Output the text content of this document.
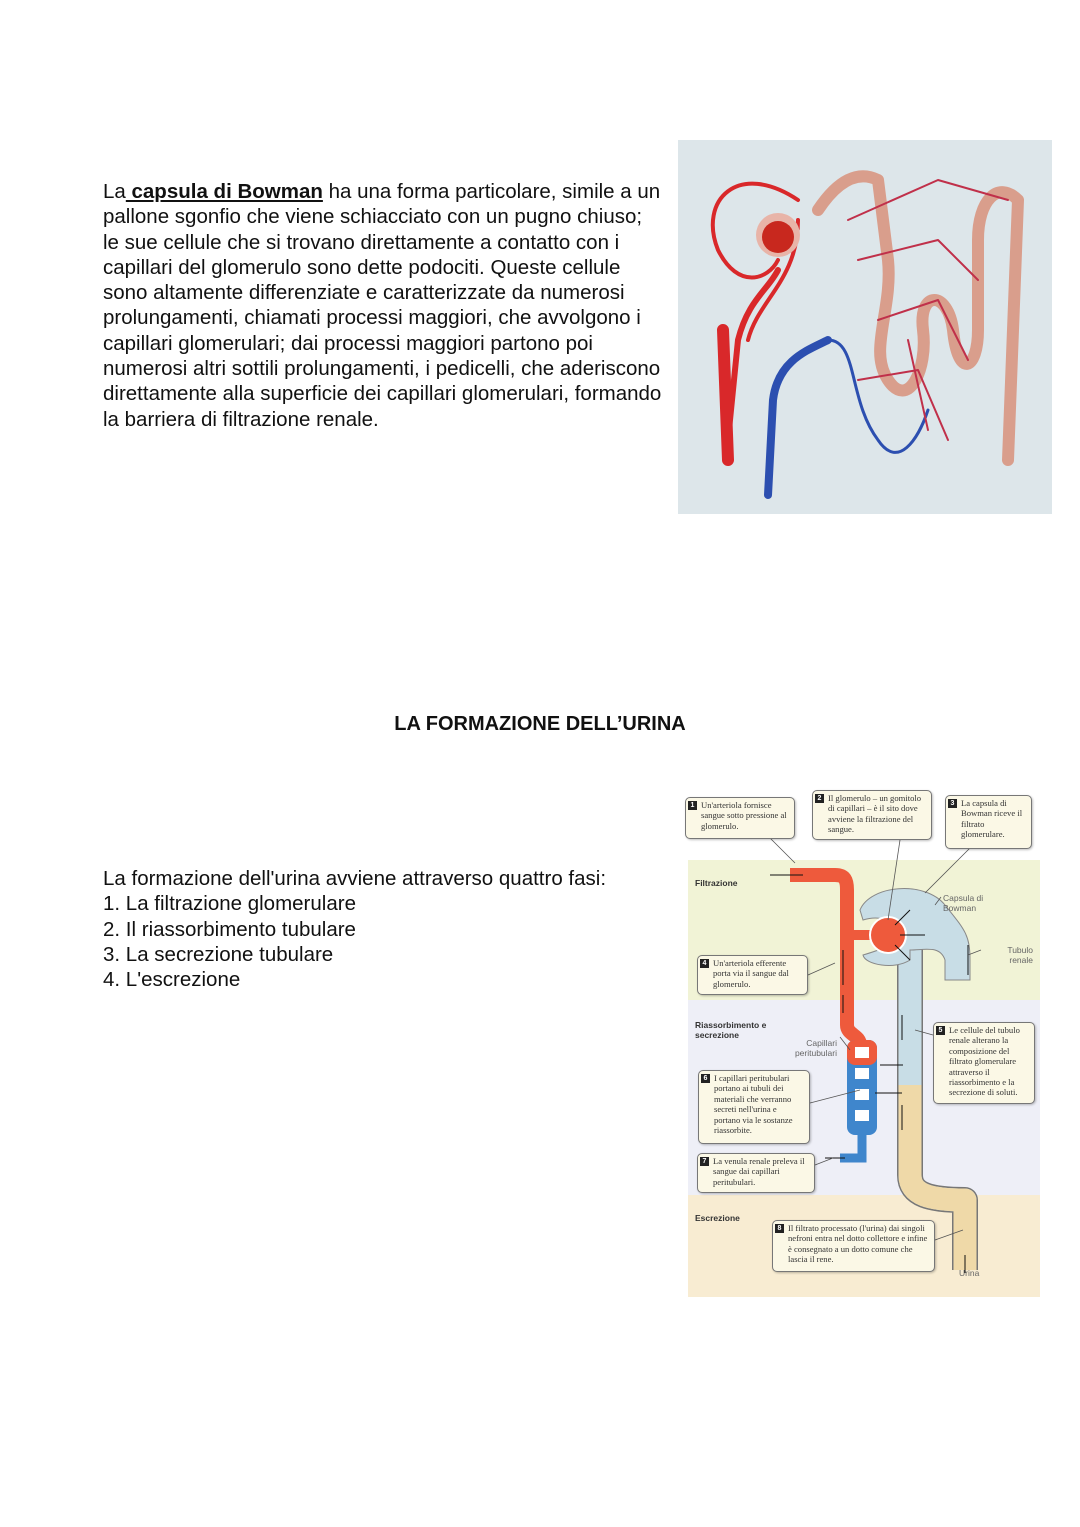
La capsula di Bowman ha una forma particolare, simile a un pallone sgonfio che viene schiacciato con un pugno chiuso; le sue cellule che si trovano direttamente a contatto con i capillari del glomerulo sono dette podociti. Queste cellule sono altamente differenziate e caratterizzate da numerosi prolungamenti, chiamati processi maggiori, che avvolgono i capillari glomerulari; dai processi maggiori partono poi numerosi altri sottili prolungamenti, i pedicelli, che aderiscono direttamente alla superficie dei capillari glomerulari, formando la barriera di filtrazione renale.

LA FORMAZIONE DELL’URINA
La formazione dell'urina avviene attraverso quattro fasi:
1. La filtrazione glomerulare
2. Il riassorbimento tubulare
3. La secrezione tubulare
4. L'escrezione
Filtrazione
Riassorbimento e secrezione
Escrezione
Capsula di Bowman
Tubulo renale
Capillari peritubulari
Urina
1 Un'arteriola fornisce sangue sotto pressione al glomerulo.
2 Il glomerulo – un gomitolo di capillari – è il sito dove avviene la filtrazione del sangue.
3 La capsula di Bowman riceve il filtrato glomerulare.
4 Un'arteriola efferente porta via il sangue dal glomerulo.
5 Le cellule del tubulo renale alterano la composizione del filtrato glomerulare attraverso il riassorbimento e la secrezione di soluti.
6 I capillari peritubulari portano ai tubuli dei materiali che verranno secreti nell'urina e portano via le sostanze riassorbite.
7 La venula renale preleva il sangue dai capillari peritubulari.
8 Il filtrato processato (l'urina) dai singoli nefroni entra nel dotto collettore e infine è consegnato a un dotto comune che lascia il rene.
